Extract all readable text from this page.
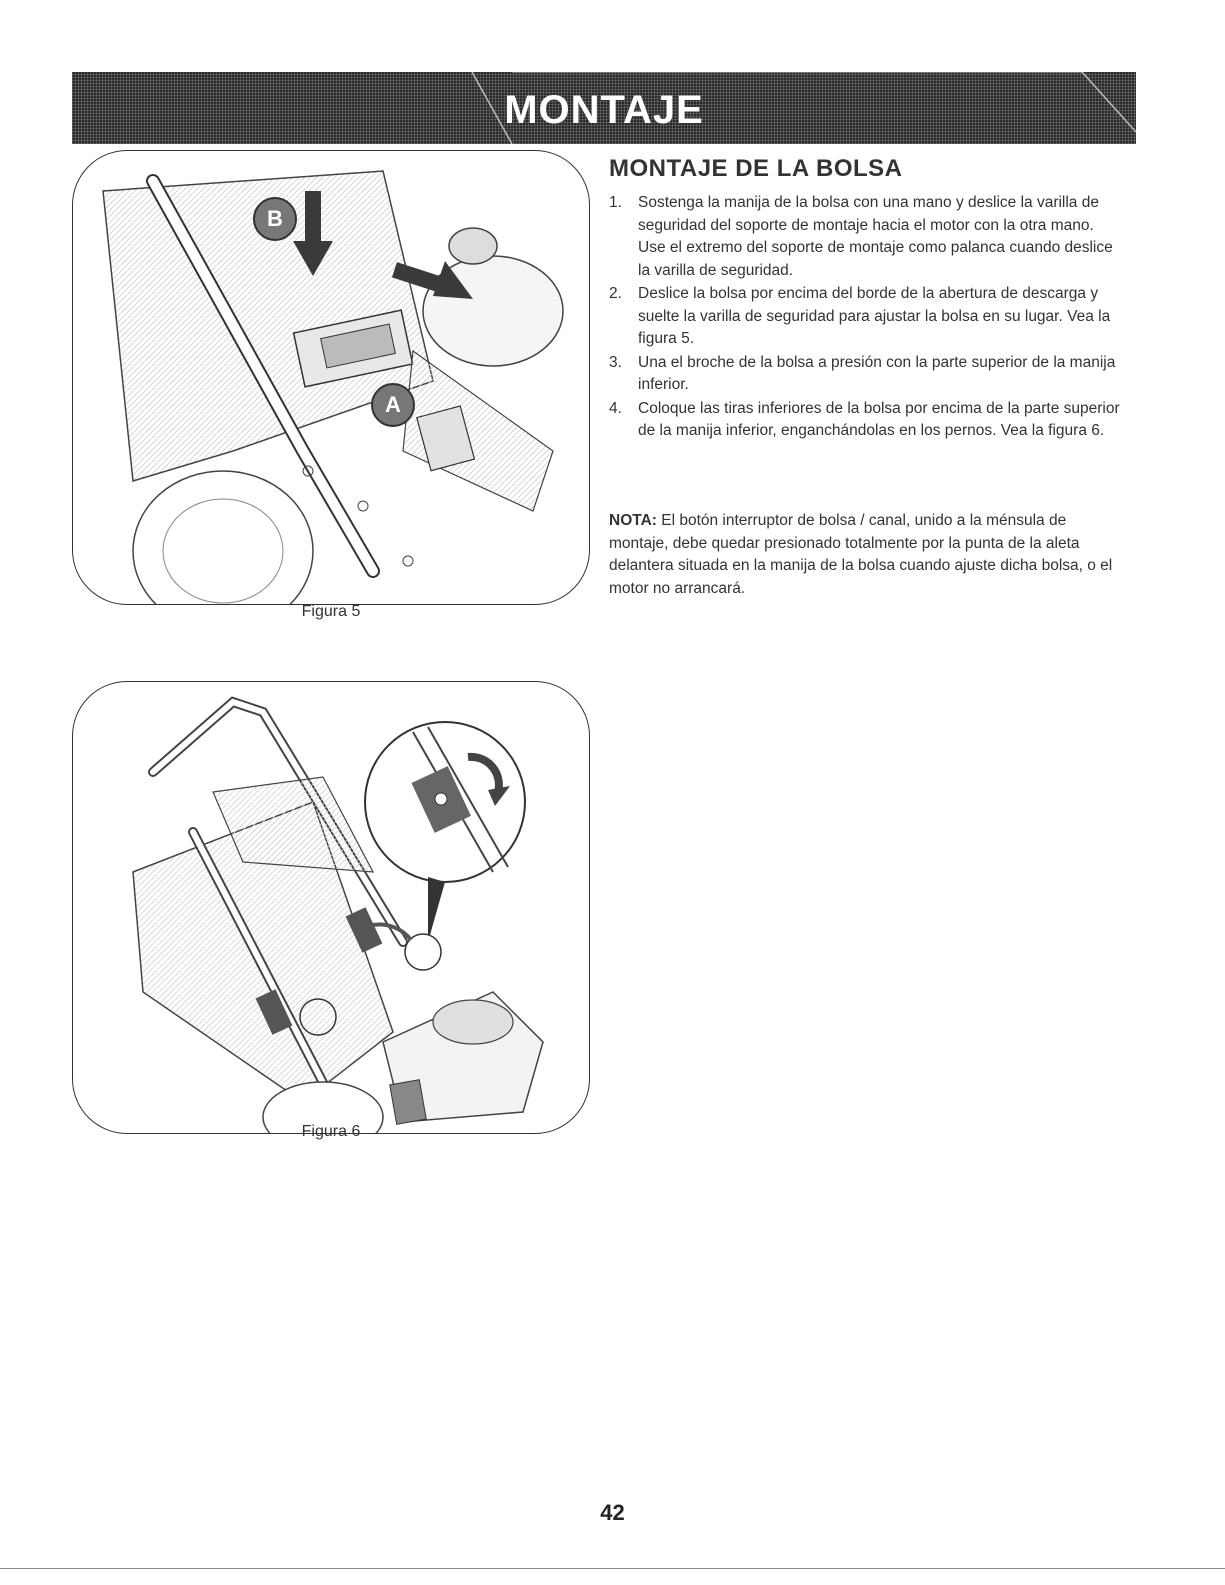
MONTAJE
B
A
Figura 5
Figura 6
MONTAJE DE LA BOLSA
1. Sostenga la manija de la bolsa con una mano y deslice la varilla de seguridad del soporte de montaje hacia el motor con la otra mano. Use el extremo del soporte de montaje como palanca cuando deslice la varilla de seguridad.
2. Deslice la bolsa por encima del borde de la abertura de descarga y suelte la varilla de seguridad para ajustar la bolsa en su lugar. Vea la figura 5.
3. Una el broche de la bolsa a presión con la parte superior de la manija inferior.
4. Coloque las tiras inferiores de la bolsa por encima de la parte superior de la manija inferior, enganchándolas en los pernos. Vea la figura 6.

NOTA: El botón interruptor de bolsa / canal, unido a la ménsula de montaje, debe quedar presionado totalmente por la punta de la aleta delantera situada en la manija de la bolsa cuando ajuste dicha bolsa, o el motor no arrancará.

42
